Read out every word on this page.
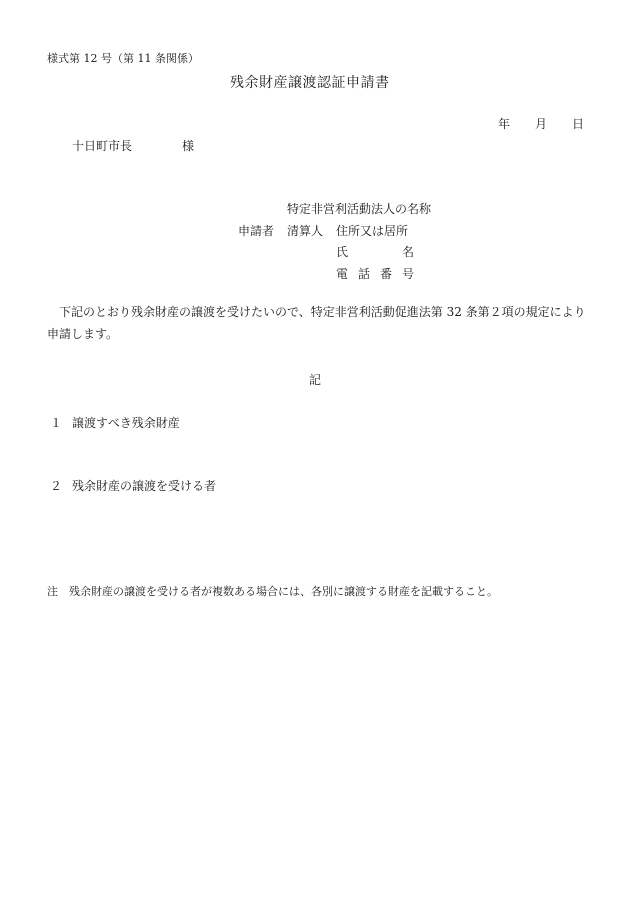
様式第 12 号（第 11 条関係）
残余財産譲渡認証申請書
年 月 日
十日町市長	様
特定非営利活動法人の名称
申請者 清算人 住所又は居所
氏	名
電 話 番 号
下記のとおり残余財産の譲渡を受けたいので、特定非営利活動促進法第 32 条第２項の規定により申請します。
記
１ 譲渡すべき残余財産
２ 残余財産の譲渡を受ける者
注 残余財産の譲渡を受ける者が複数ある場合には、各別に譲渡する財産を記載すること。
